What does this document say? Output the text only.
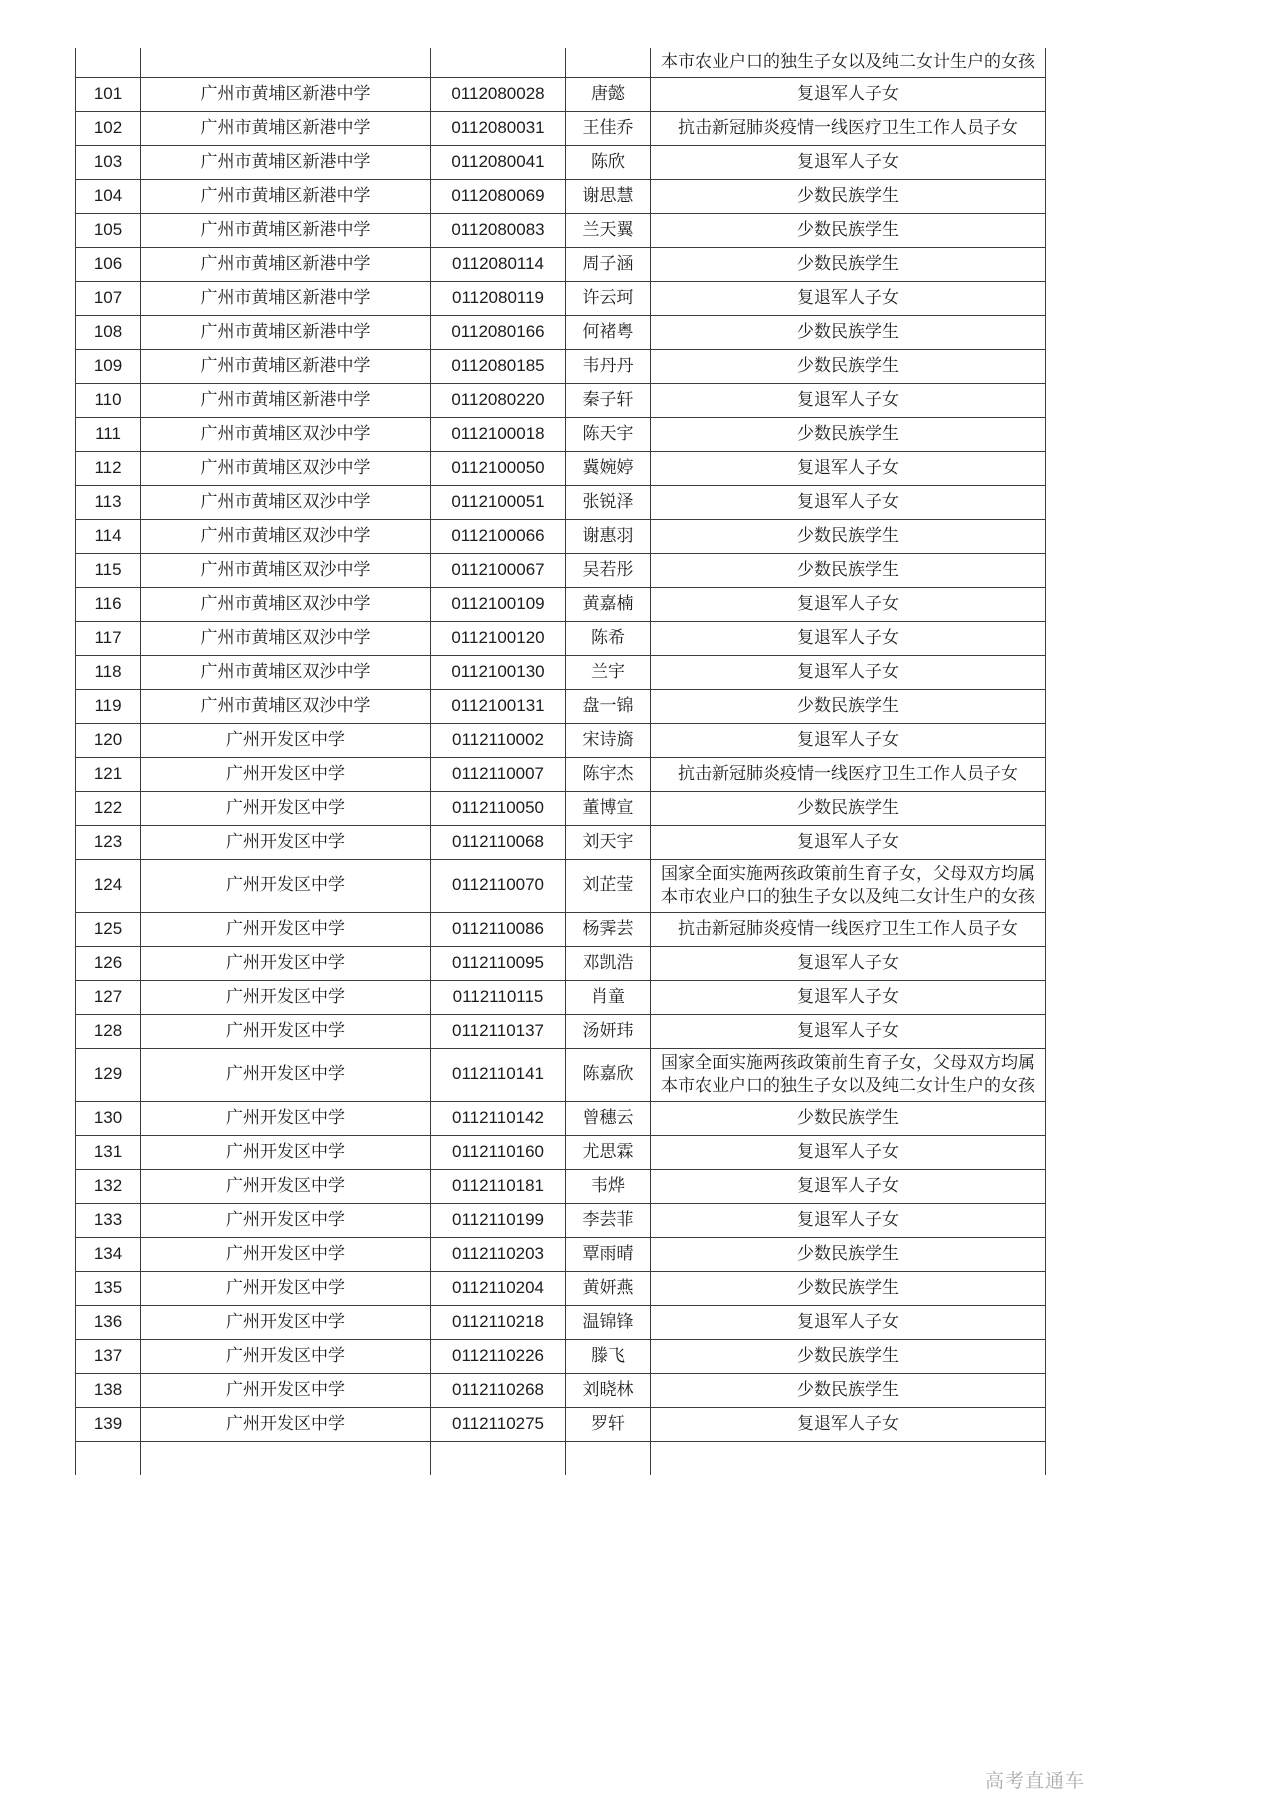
				本市农业户口的独生子女以及纯二女计生户的女孩
101	广州市黄埔区新港中学	0112080028	唐懿	复退军人子女
102	广州市黄埔区新港中学	0112080031	王佳乔	抗击新冠肺炎疫情一线医疗卫生工作人员子女
103	广州市黄埔区新港中学	0112080041	陈欣	复退军人子女
104	广州市黄埔区新港中学	0112080069	谢思慧	少数民族学生
105	广州市黄埔区新港中学	0112080083	兰天翼	少数民族学生
106	广州市黄埔区新港中学	0112080114	周子涵	少数民族学生
107	广州市黄埔区新港中学	0112080119	许云珂	复退军人子女
108	广州市黄埔区新港中学	0112080166	何褚粤	少数民族学生
109	广州市黄埔区新港中学	0112080185	韦丹丹	少数民族学生
110	广州市黄埔区新港中学	0112080220	秦子轩	复退军人子女
111	广州市黄埔区双沙中学	0112100018	陈天宇	少数民族学生
112	广州市黄埔区双沙中学	0112100050	冀婉婷	复退军人子女
113	广州市黄埔区双沙中学	0112100051	张锐泽	复退军人子女
114	广州市黄埔区双沙中学	0112100066	谢惠羽	少数民族学生
115	广州市黄埔区双沙中学	0112100067	吴若彤	少数民族学生
116	广州市黄埔区双沙中学	0112100109	黄嘉楠	复退军人子女
117	广州市黄埔区双沙中学	0112100120	陈希	复退军人子女
118	广州市黄埔区双沙中学	0112100130	兰宇	复退军人子女
119	广州市黄埔区双沙中学	0112100131	盘一锦	少数民族学生
120	广州开发区中学	0112110002	宋诗旖	复退军人子女
121	广州开发区中学	0112110007	陈宇杰	抗击新冠肺炎疫情一线医疗卫生工作人员子女
122	广州开发区中学	0112110050	董博宣	少数民族学生
123	广州开发区中学	0112110068	刘天宇	复退军人子女
124	广州开发区中学	0112110070	刘芷莹	国家全面实施两孩政策前生育子女，父母双方均属本市农业户口的独生子女以及纯二女计生户的女孩
125	广州开发区中学	0112110086	杨霁芸	抗击新冠肺炎疫情一线医疗卫生工作人员子女
126	广州开发区中学	0112110095	邓凯浩	复退军人子女
127	广州开发区中学	0112110115	肖童	复退军人子女
128	广州开发区中学	0112110137	汤妍玮	复退军人子女
129	广州开发区中学	0112110141	陈嘉欣	国家全面实施两孩政策前生育子女，父母双方均属本市农业户口的独生子女以及纯二女计生户的女孩
130	广州开发区中学	0112110142	曾穗云	少数民族学生
131	广州开发区中学	0112110160	尤思霖	复退军人子女
132	广州开发区中学	0112110181	韦烨	复退军人子女
133	广州开发区中学	0112110199	李芸菲	复退军人子女
134	广州开发区中学	0112110203	覃雨晴	少数民族学生
135	广州开发区中学	0112110204	黄妍燕	少数民族学生
136	广州开发区中学	0112110218	温锦锋	复退军人子女
137	广州开发区中学	0112110226	滕飞	少数民族学生
138	广州开发区中学	0112110268	刘晓林	少数民族学生
139	广州开发区中学	0112110275	罗轩	复退军人子女

高考直通车
